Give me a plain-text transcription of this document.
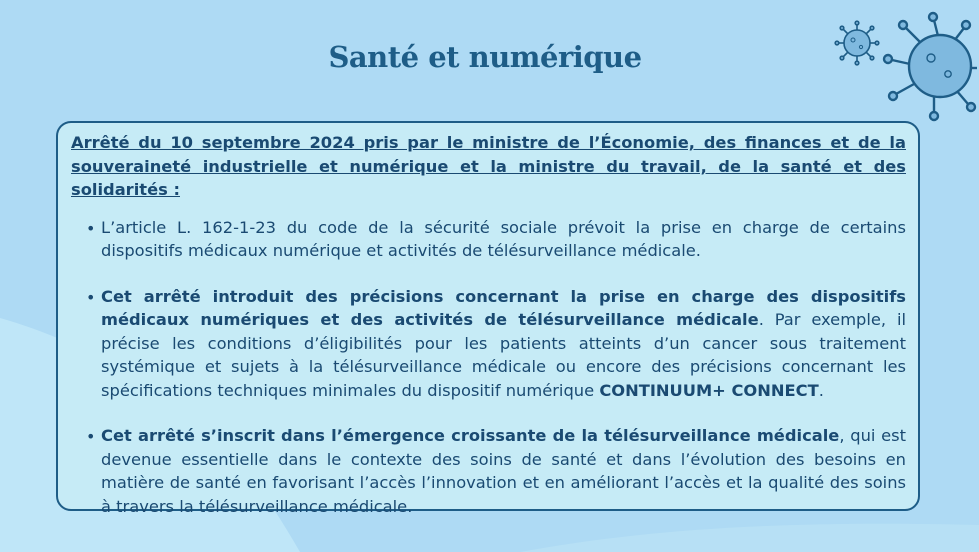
Santé et numérique

Arrêté du 10 septembre 2024 pris par le ministre de l’Économie, des finances et de la souveraineté industrielle et numérique et la ministre du travail, de la santé et des solidarités :

• L’article L. 162-1-23 du code de la sécurité sociale prévoit la prise en charge de certains dispositifs médicaux numérique et activités de télésurveillance médicale.
• Cet arrêté introduit des précisions concernant la prise en charge des dispositifs médicaux numériques et des activités de télésurveillance médicale. Par exemple, il précise les conditions d’éligibilités pour les patients atteints d’un cancer sous traitement systémique et sujets à la télésurveillance médicale ou encore des précisions concernant les spécifications techniques minimales du dispositif numérique CONTINUUM+ CONNECT.
• Cet arrêté s’inscrit dans l’émergence croissante de la télésurveillance médicale, qui est devenue essentielle dans le contexte des soins de santé et dans l’évolution des besoins en matière de santé en favorisant l’accès l’innovation et en améliorant l’accès et la qualité des soins à travers la télésurveillance médicale.
